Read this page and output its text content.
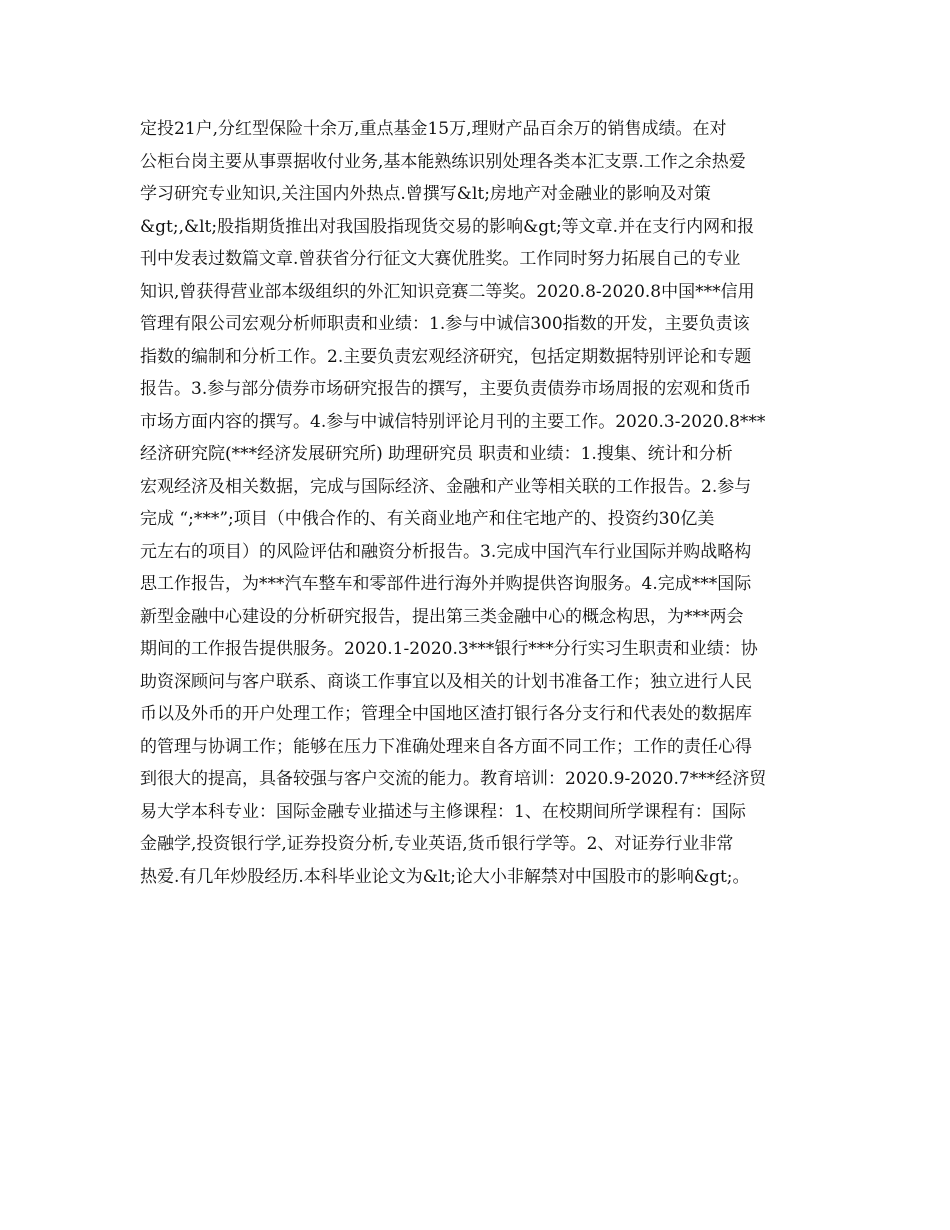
定投21户,分红型保险十余万,重点基金15万,理财产品百余万的销售成绩。在对
公柜台岗主要从事票据收付业务,基本能熟练识别处理各类本汇支票.工作之余热爱
学习研究专业知识,关注国内外热点.曾撰写&lt;房地产对金融业的影响及对策
&gt;,&lt;股指期货推出对我国股指现货交易的影响&gt;等文章.并在支行内网和报
刊中发表过数篇文章.曾获省分行征文大赛优胜奖。工作同时努力拓展自己的专业
知识,曾获得营业部本级组织的外汇知识竞赛二等奖。2020.8-2020.8中国***信用
管理有限公司宏观分析师职责和业绩：1.参与中诚信300指数的开发，主要负责该
指数的编制和分析工作。2.主要负责宏观经济研究，包括定期数据特别评论和专题
报告。3.参与部分债券市场研究报告的撰写，主要负责债券市场周报的宏观和货币
市场方面内容的撰写。4.参与中诚信特别评论月刊的主要工作。2020.3-2020.8***
经济研究院(***经济发展研究所) 助理研究员 职责和业绩：1.搜集、统计和分析
宏观经济及相关数据，完成与国际经济、金融和产业等相关联的工作报告。2.参与
完成 “;***”;项目（中俄合作的、有关商业地产和住宅地产的、投资约30亿美
元左右的项目）的风险评估和融资分析报告。3.完成中国汽车行业国际并购战略构
思工作报告，为***汽车整车和零部件进行海外并购提供咨询服务。4.完成***国际
新型金融中心建设的分析研究报告，提出第三类金融中心的概念构思，为***两会
期间的工作报告提供服务。2020.1-2020.3***银行***分行实习生职责和业绩：协
助资深顾问与客户联系、商谈工作事宜以及相关的计划书准备工作；独立进行人民
币以及外币的开户处理工作；管理全中国地区渣打银行各分支行和代表处的数据库
的管理与协调工作；能够在压力下准确处理来自各方面不同工作；工作的责任心得
到很大的提高，具备较强与客户交流的能力。教育培训：2020.9-2020.7***经济贸
易大学本科专业：国际金融专业描述与主修课程：1、在校期间所学课程有：国际
金融学,投资银行学,证券投资分析,专业英语,货币银行学等。2、对证券行业非常
热爱.有几年炒股经历.本科毕业论文为&lt;论大小非解禁对中国股市的影响&gt;。
